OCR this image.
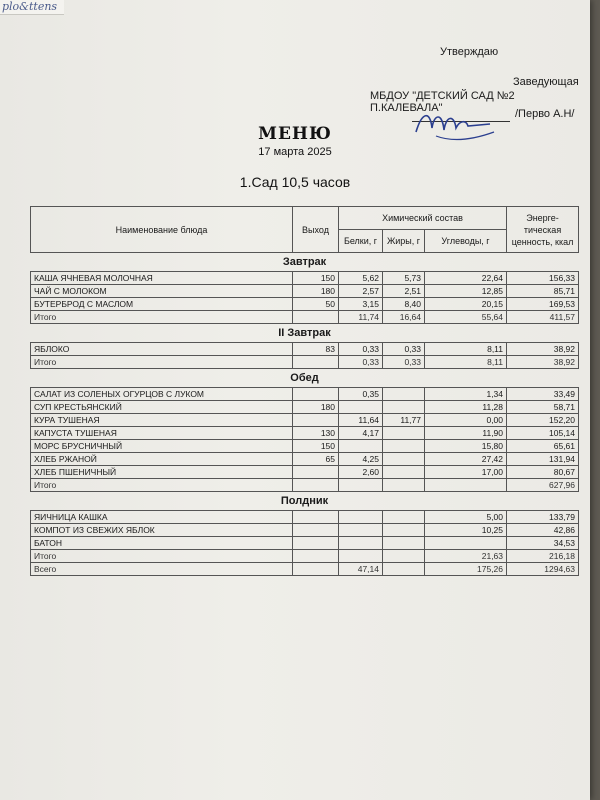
plo&ttens
Утверждаю
Заведующая
МБДОУ "ДЕТСКИЙ САД №2 П.КАЛЕВАЛА"	/Перво А.Н/
МЕНЮ
17 марта 2025
1.Сад 10,5 часов
Наименование блюда	Выход	Химический состав			Энерге-тическая ценность, ккал
		Белки, г	Жиры, г	Углеводы, г	
Завтрак					
КАША ЯЧНЕВАЯ МОЛОЧНАЯ	150	5,62	5,73	22,64	156,33
ЧАЙ С МОЛОКОМ	180	2,57	2,51	12,85	85,71
БУТЕРБРОД С МАСЛОМ	50	3,15	8,40	20,15	169,53
Итого		11,74	16,64	55,64	411,57
II Завтрак					
ЯБЛОКО	83	0,33	0,33	8,11	38,92
Итого		0,33	0,33	8,11	38,92
Обед					
САЛАТ ИЗ СОЛЕНЫХ ОГУРЦОВ С ЛУКОМ		0,35		1,34	33,49
СУП КРЕСТЬЯНСКИЙ	180			11,28	58,71
КУРА ТУШЕНАЯ		11,64	11,77	0,00	152,20
КАПУСТА ТУШЕНАЯ	130	4,17		11,90	105,14
МОРС БРУСНИЧНЫЙ	150			15,80	65,61
ХЛЕБ РЖАНОЙ	65	4,25		27,42	131,94
ХЛЕБ ПШЕНИЧНЫЙ		2,60		17,00	80,67
Итого					627,96
Полдник					
ЯИЧНИЦА КАШКА				5,00	133,79
КОМПОТ ИЗ СВЕЖИХ ЯБЛОК				10,25	42,86
БАТОН					34,53
Итого				21,63	216,18
Всего		47,14		175,26	1294,63
